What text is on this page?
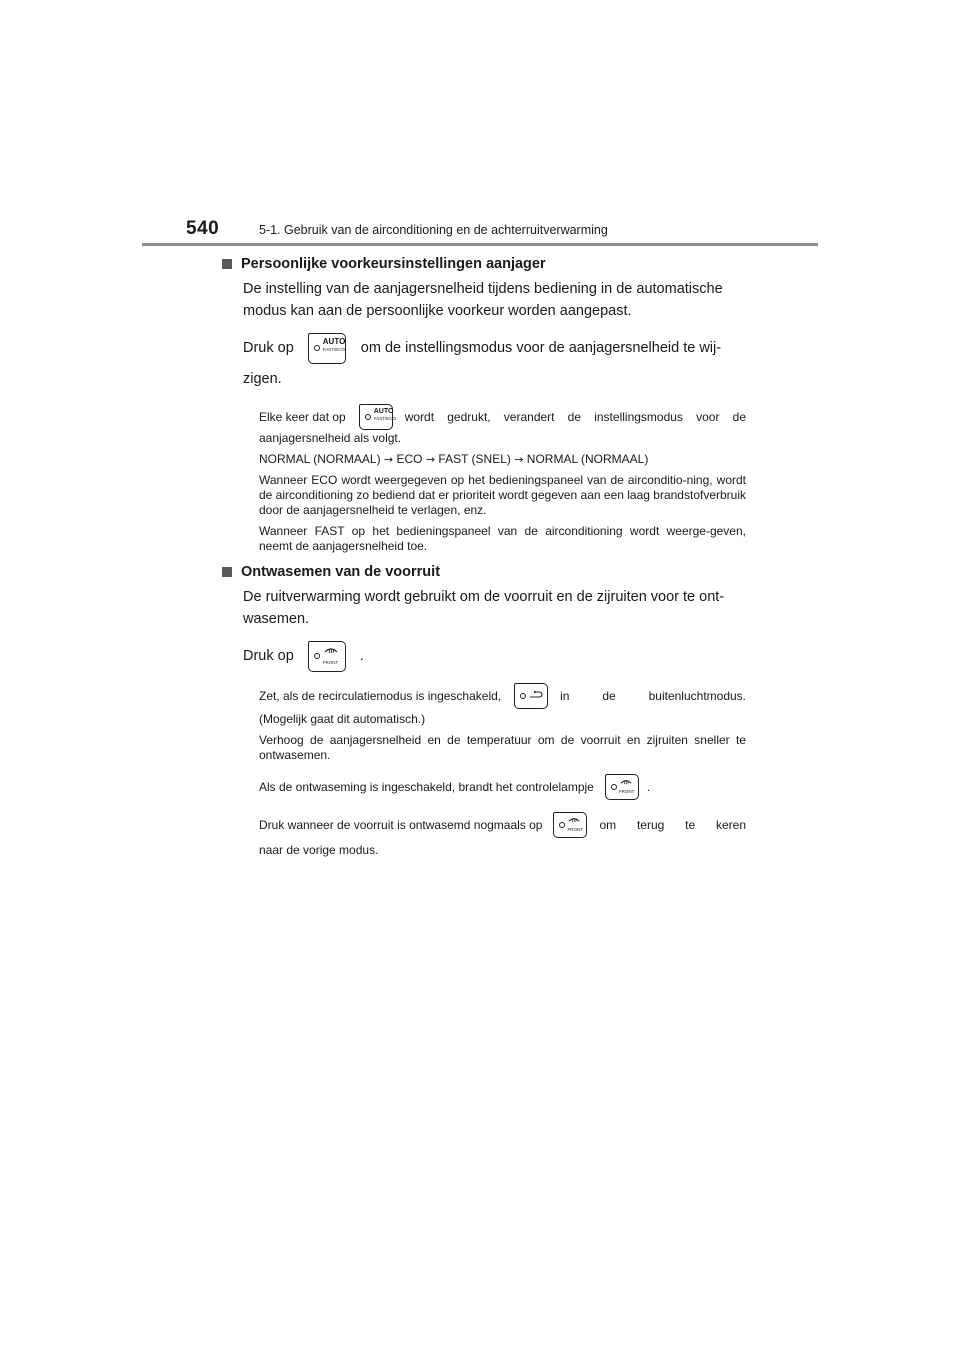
540	5-1. Gebruik van de airconditioning en de achterruitverwarming
Persoonlijke voorkeursinstellingen aanjager

De instelling van de aanjagersnelheid tijdens bediening in de automatische modus kan aan de persoonlijke voorkeur worden aangepast.

Druk op	AUTO
FAST/ECO om de instellingsmodus voor de aanjagersnelheid te wij-

zigen.

Elke keer dat op	AUTO
FAST/ECO wordt gedrukt, verandert de instellingsmodus voor de

aanjagersnelheid als volgt.

NORMAL (NORMAAL) → ECO → FAST (SNEL) → NORMAL (NORMAAL)

Wanneer ECO wordt weergegeven op het bedieningspaneel van de airconditio-ning, wordt de airconditioning zo bediend dat er prioriteit wordt gegeven aan een laag brandstofverbruik door de aanjagersnelheid te verlagen, enz.

Wanneer FAST op het bedieningspaneel van de airconditioning wordt weerge-geven, neemt de aanjagersnelheid toe.

Ontwasemen van de voorruit

De ruitverwarming wordt gebruikt om de voorruit en de zijruiten voor te ont-wasemen.

Druk op	FRONT .
Zet, als de recirculatiemodus is ingeschakeld,	in de buitenluchtmodus.

(Mogelijk gaat dit automatisch.)

Verhoog de aanjagersnelheid en de temperatuur om de voorruit en zijruiten sneller te ontwasemen.

Als de ontwaseming is ingeschakeld, brandt het controlelampje	FRONT .
Druk wanneer de voorruit is ontwasemd nogmaals op	FRONT om terug te keren

naar de vorige modus.
